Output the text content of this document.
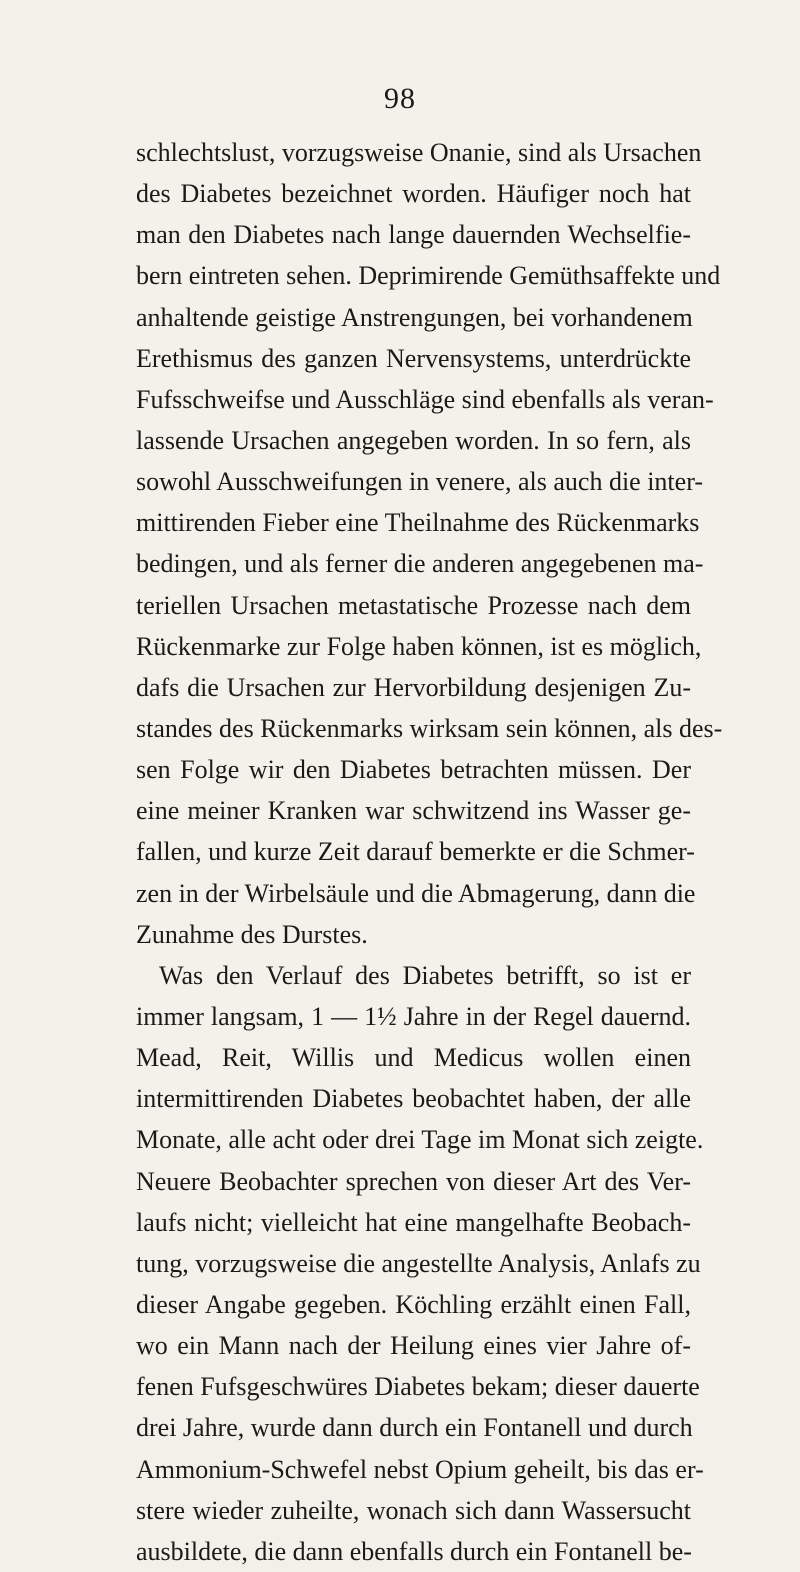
98
schlechtslust, vorzugsweise Onanie, sind als Ursachen
des Diabetes bezeichnet worden. Häufiger noch hat
man den Diabetes nach lange dauernden Wechselfie-
bern eintreten sehen. Deprimirende Gemüthsaffekte und
anhaltende geistige Anstrengungen, bei vorhandenem
Erethismus des ganzen Nervensystems, unterdrückte
Fufsschweifse und Ausschläge sind ebenfalls als veran-
lassende Ursachen angegeben worden. In so fern, als
sowohl Ausschweifungen in venere, als auch die inter-
mittirenden Fieber eine Theilnahme des Rückenmarks
bedingen, und als ferner die anderen angegebenen ma-
teriellen Ursachen metastatische Prozesse nach dem
Rückenmarke zur Folge haben können, ist es möglich,
dafs die Ursachen zur Hervorbildung desjenigen Zu-
standes des Rückenmarks wirksam sein können, als des-
sen Folge wir den Diabetes betrachten müssen. Der
eine meiner Kranken war schwitzend ins Wasser ge-
fallen, und kurze Zeit darauf bemerkte er die Schmer-
zen in der Wirbelsäule und die Abmagerung, dann die
Zunahme des Durstes.
Was den Verlauf des Diabetes betrifft, so ist er
immer langsam, 1 — 1½ Jahre in der Regel dauernd.
Mead, Reit, Willis und Medicus wollen einen
intermittirenden Diabetes beobachtet haben, der alle
Monate, alle acht oder drei Tage im Monat sich zeigte.
Neuere Beobachter sprechen von dieser Art des Ver-
laufs nicht; vielleicht hat eine mangelhafte Beobach-
tung, vorzugsweise die angestellte Analysis, Anlafs zu
dieser Angabe gegeben. Köchling erzählt einen Fall,
wo ein Mann nach der Heilung eines vier Jahre of-
fenen Fufsgeschwüres Diabetes bekam; dieser dauerte
drei Jahre, wurde dann durch ein Fontanell und durch
Ammonium-Schwefel nebst Opium geheilt, bis das er-
stere wieder zuheilte, wonach sich dann Wassersucht
ausbildete, die dann ebenfalls durch ein Fontanell be-
